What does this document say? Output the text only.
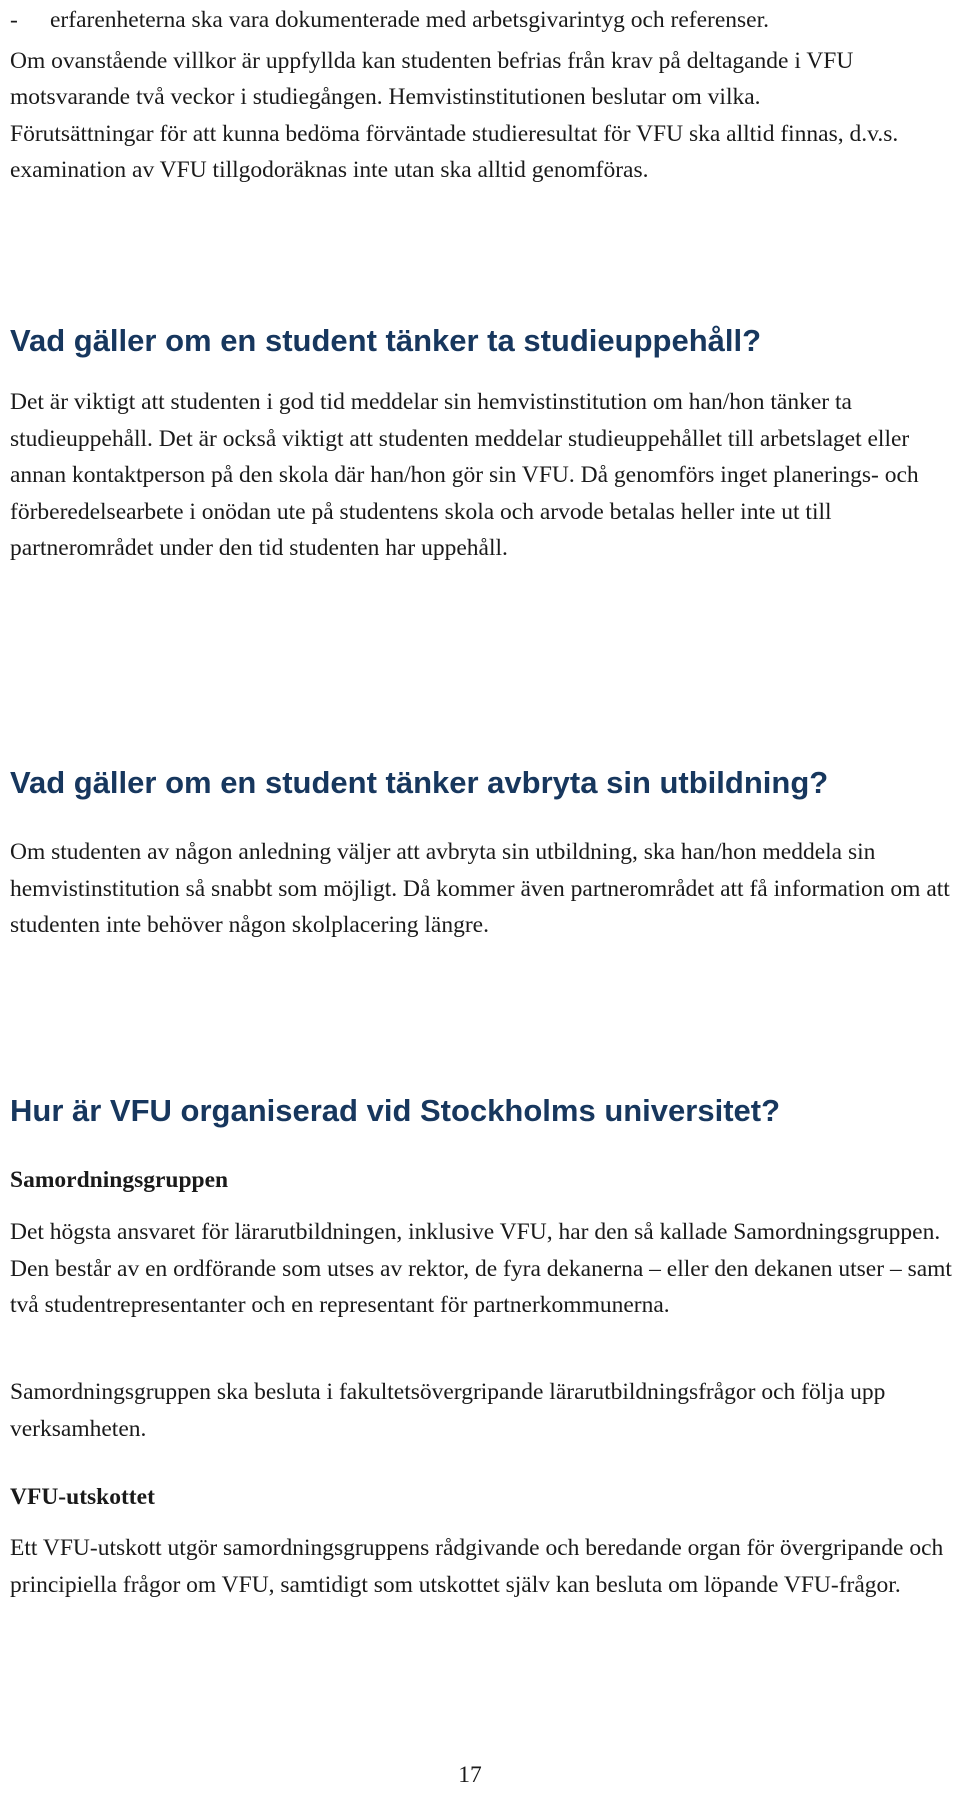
-	erfarenheterna ska vara dokumenterade med arbetsgivarintyg och referenser.

Om ovanstående villkor är uppfyllda kan studenten befrias från krav på deltagande i VFU motsvarande två veckor i studiegången. Hemvistinstitutionen beslutar om vilka.

Förutsättningar för att kunna bedöma förväntade studieresultat för VFU ska alltid finnas, d.v.s. examination av VFU tillgodoräknas inte utan ska alltid genomföras.

Vad gäller om en student tänker ta studieuppehåll?

Det är viktigt att studenten i god tid meddelar sin hemvistinstitution om han/hon tänker ta studieuppehåll. Det är också viktigt att studenten meddelar studieuppehållet till arbetslaget eller annan kontaktperson på den skola där han/hon gör sin VFU. Då genomförs inget planerings- och förberedelsearbete i onödan ute på studentens skola och arvode betalas heller inte ut till partnerområdet under den tid studenten har uppehåll.

Vad gäller om en student tänker avbryta sin utbildning?

Om studenten av någon anledning väljer att avbryta sin utbildning, ska han/hon meddela sin hemvistinstitution så snabbt som möjligt. Då kommer även partnerområdet att få information om att studenten inte behöver någon skolplacering längre.

Hur är VFU organiserad vid Stockholms universitet?
Samordningsgruppen

Det högsta ansvaret för lärarutbildningen, inklusive VFU, har den så kallade Samordningsgruppen. Den består av en ordförande som utses av rektor, de fyra dekanerna – eller den dekanen utser – samt två studentrepresentanter och en representant för partnerkommunerna.

Samordningsgruppen ska besluta i fakultetsövergripande lärarutbildningsfrågor och följa upp verksamheten.

VFU-utskottet

Ett VFU-utskott utgör samordningsgruppens rådgivande och beredande organ för övergripande och principiella frågor om VFU, samtidigt som utskottet själv kan besluta om löpande VFU-frågor.

17
